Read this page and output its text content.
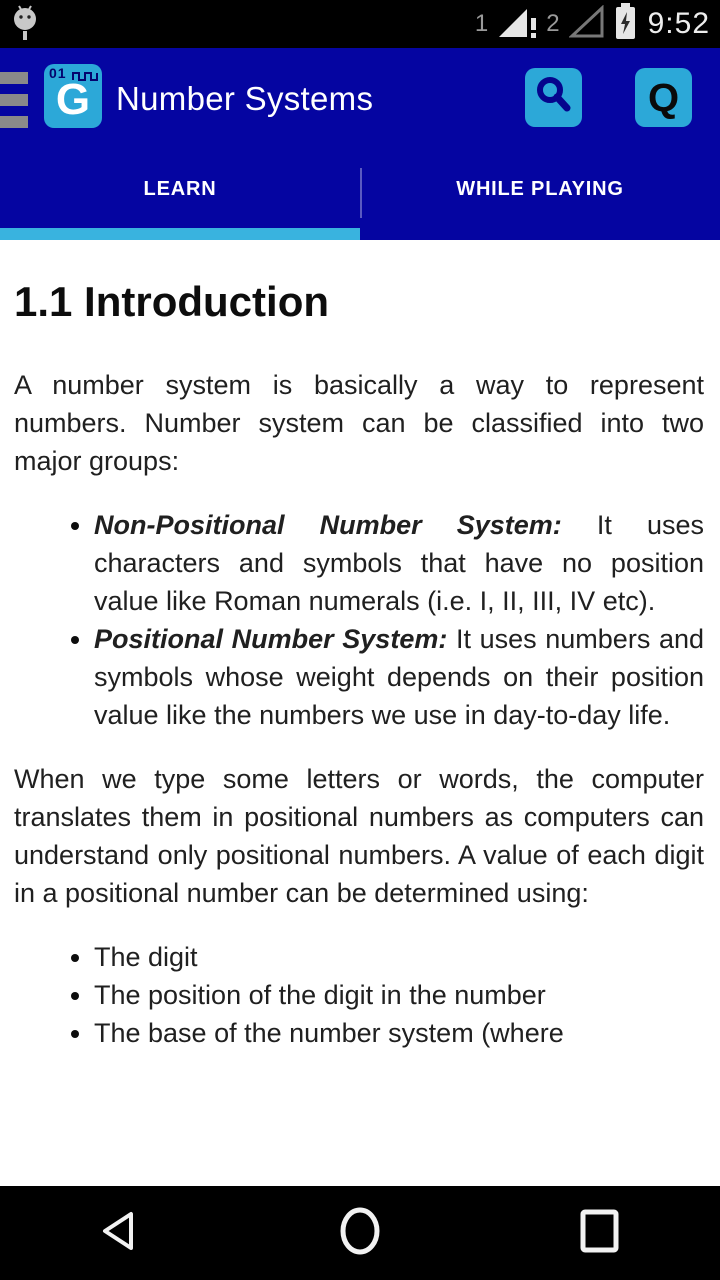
1 2	9:52
01
G Number Systems	Q
LEARN	WHILE PLAYING
1.1 Introduction

A number system is basically a way to represent numbers. Number system can be classified into two major groups:

• Non-Positional Number System: It uses characters and symbols that have no position value like Roman numerals (i.e. I, II, III, IV etc).
• Positional Number System: It uses numbers and symbols whose weight depends on their position value like the numbers we use in day-to-day life.

When we type some letters or words, the computer translates them in positional numbers as computers can understand only positional numbers. A value of each digit in a positional number can be determined using:

• The digit
• The position of the digit in the number
• The base of the number system (where
